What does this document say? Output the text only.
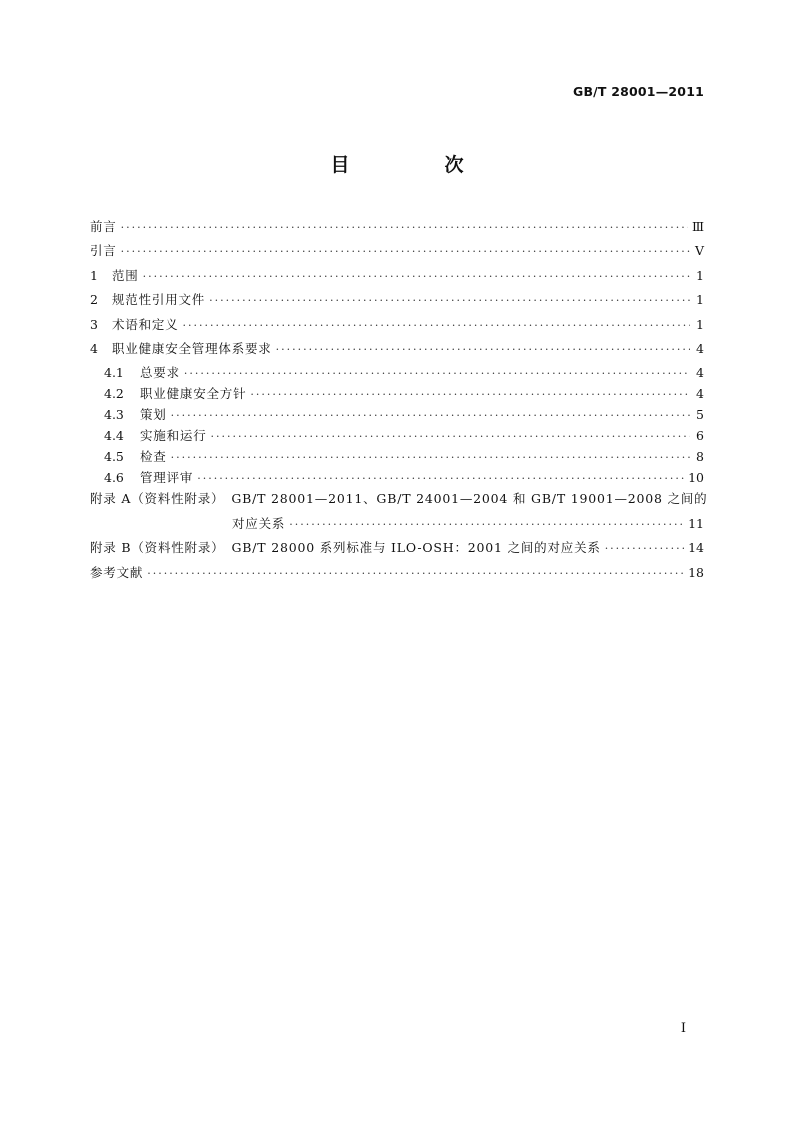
GB/T 28001—2011
目　次
前言 ·····	Ⅲ
引言 ·····	Ⅴ
1	范围 ·····	1
2	规范性引用文件 ·····	1
3	术语和定义 ·····	1
4	职业健康安全管理体系要求 ·····	4
4.1	总要求 ·····	4
4.2	职业健康安全方针 ·····	4
4.3	策划 ·····	5
4.4	实施和运行 ·····	6
4.5	检查 ·····	8
4.6	管理评审 ·····	10
附录 A（资料性附录）　GB/T 28001—2011、GB/T 24001—2004 和 GB/T 19001—2008 之间的
对应关系 ·····	11
附录 B（资料性附录）　GB/T 28000 系列标准与 ILO-OSH：2001 之间的对应关系 ·····	14
参考文献 ·····	18
Ⅰ
